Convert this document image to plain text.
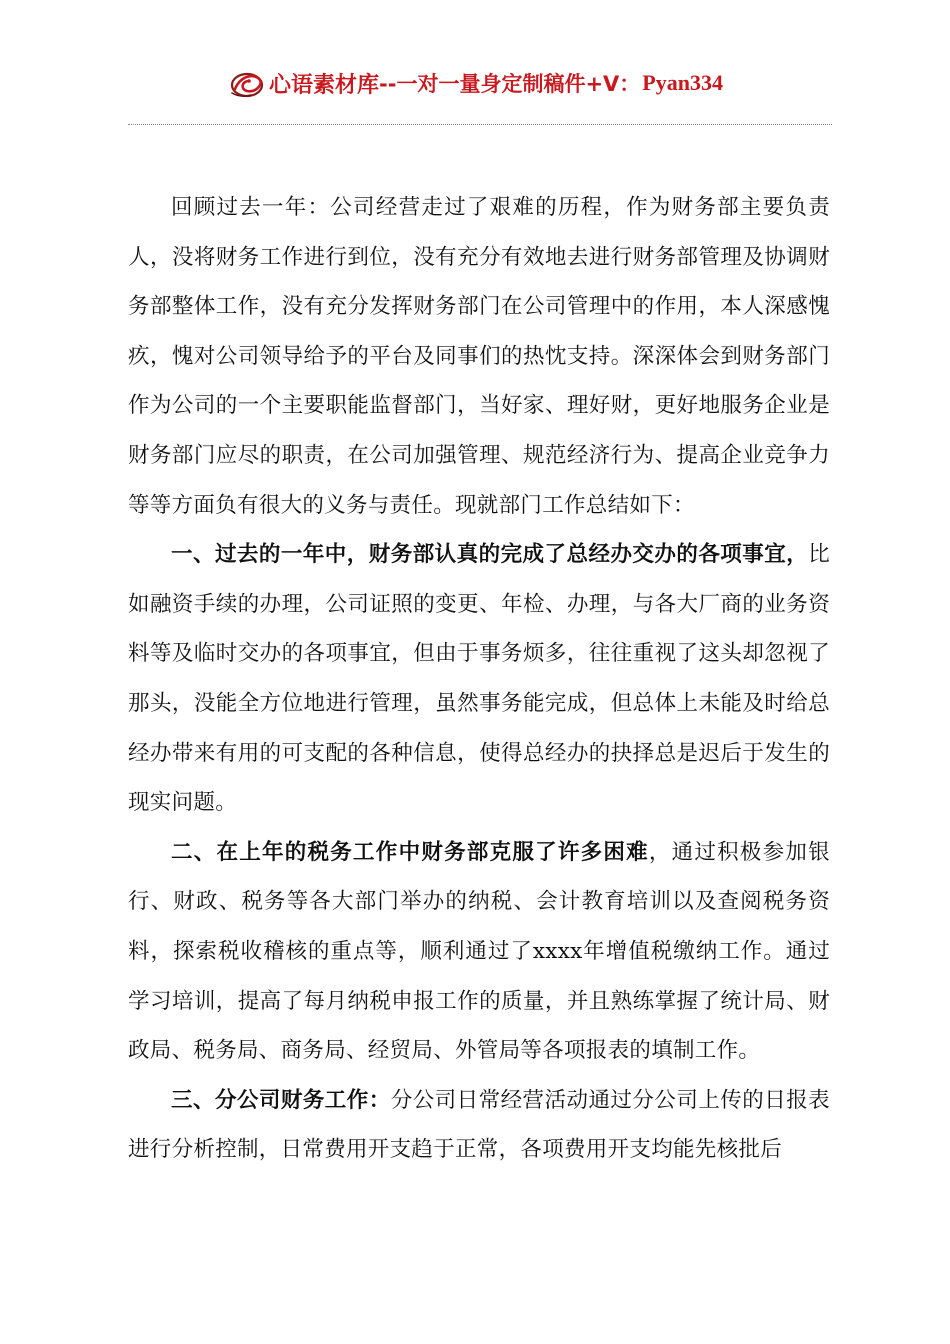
心语素材库 --一对一量身定制稿件+V： Pyan334

回顾过去一年：公司经营走过了艰难的历程，作为财务部主要负责人，没将财务工作进行到位，没有充分有效地去进行财务部管理及协调财务部整体工作，没有充分发挥财务部门在公司管理中的作用，本人深感愧疚，愧对公司领导给予的平台及同事们的热忱支持。深深体会到财务部门作为公司的一个主要职能监督部门，当好家、理好财，更好地服务企业是财务部门应尽的职责，在公司加强管理、规范经济行为、提高企业竞争力等等方面负有很大的义务与责任。现就部门工作总结如下：

一、过去的一年中，财务部认真的完成了总经办交办的各项事宜，比如融资手续的办理，公司证照的变更、年检、办理，与各大厂商的业务资料等及临时交办的各项事宜，但由于事务烦多，往往重视了这头却忽视了那头，没能全方位地进行管理，虽然事务能完成，但总体上未能及时给总经办带来有用的可支配的各种信息，使得总经办的抉择总是迟后于发生的现实问题。

二、在上年的税务工作中财务部克服了许多困难，通过积极参加银行、财政、税务等各大部门举办的纳税、会计教育培训以及查阅税务资料，探索税收稽核的重点等，顺利通过了xxxx年增值税缴纳工作。通过学习培训，提高了每月纳税申报工作的质量，并且熟练掌握了统计局、财政局、税务局、商务局、经贸局、外管局等各项报表的填制工作。

三、分公司财务工作：分公司日常经营活动通过分公司上传的日报表进行分析控制，日常费用开支趋于正常，各项费用开支均能先核批后
